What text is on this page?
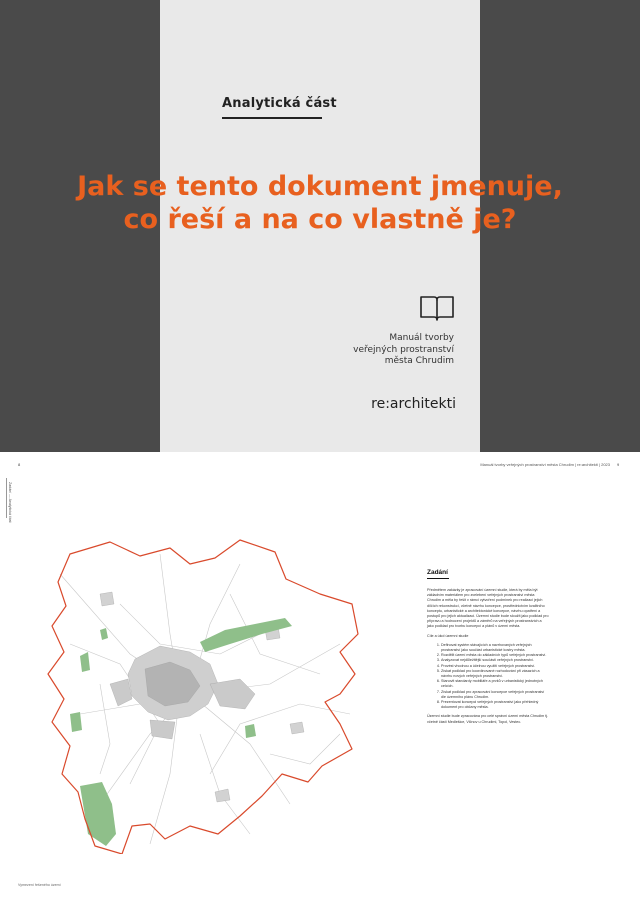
Analytická část
Jak se tento dokument jmenuje,
co řeší a na co vlastně je?
Manuál tvorby
veřejných prostranství
města Chrudim
re:architekti
8	Manuál tvorby veřejných prostranství města Chrudim | re:architekti | 2023 9
Zadání — Analytická část
Zadání

Předmětem zakázky je zpracování územní studie, která by měla být základním materiálem pro zvelebení veřejných prostranství města Chrudim a měla by řešit v rámci vytvoření podmínek pro realizaci jejich dílčích rekonstrukcí, včetně návrhu koncepce, prostřednictvím kvalitního konceptu, urbanistické a architektonické koncepce, návrhu opatření a postupů pro jejich aktualizaci. Územní studie bude sloužit jako podklad pro přípravu a hodnocení projektů a záměrů na veřejných prostranstvích a jako podklad pro tvorbu koncepcí a plánů v území města.

Cíle a úkol územní studie

1. Definovat systém stávajících a navrhovaných veřejných prostranství jako součást urbanistické kostry města.
2. Rozdělit území města do základních typů veřejných prostranství.
3. Analyzovat nejdůležitější součásti veřejných prostranství.
4. Provést vhodnou a účelnou využití veřejných prostranství.
5. Získat podklad pro koordinované rozhodování při zásazích a návrhu nových veřejných prostranství.
6. Stanovit standardy mobiliáře a prvků v urbanistický jednotných celcích.
7. Získat podklad pro zpracování koncepce veřejných prostranství dle územního plánu Chrudim.
8. Prezentovat koncepci veřejných prostranství jako přehledný dokument pro občany města.

Územní studie bude zpracována pro celé správní území města Chrudim tj. včetně částí Medlešice, Vlčnov u Chrudimi, Topol, Vestec.

Vymezení řešeného území
